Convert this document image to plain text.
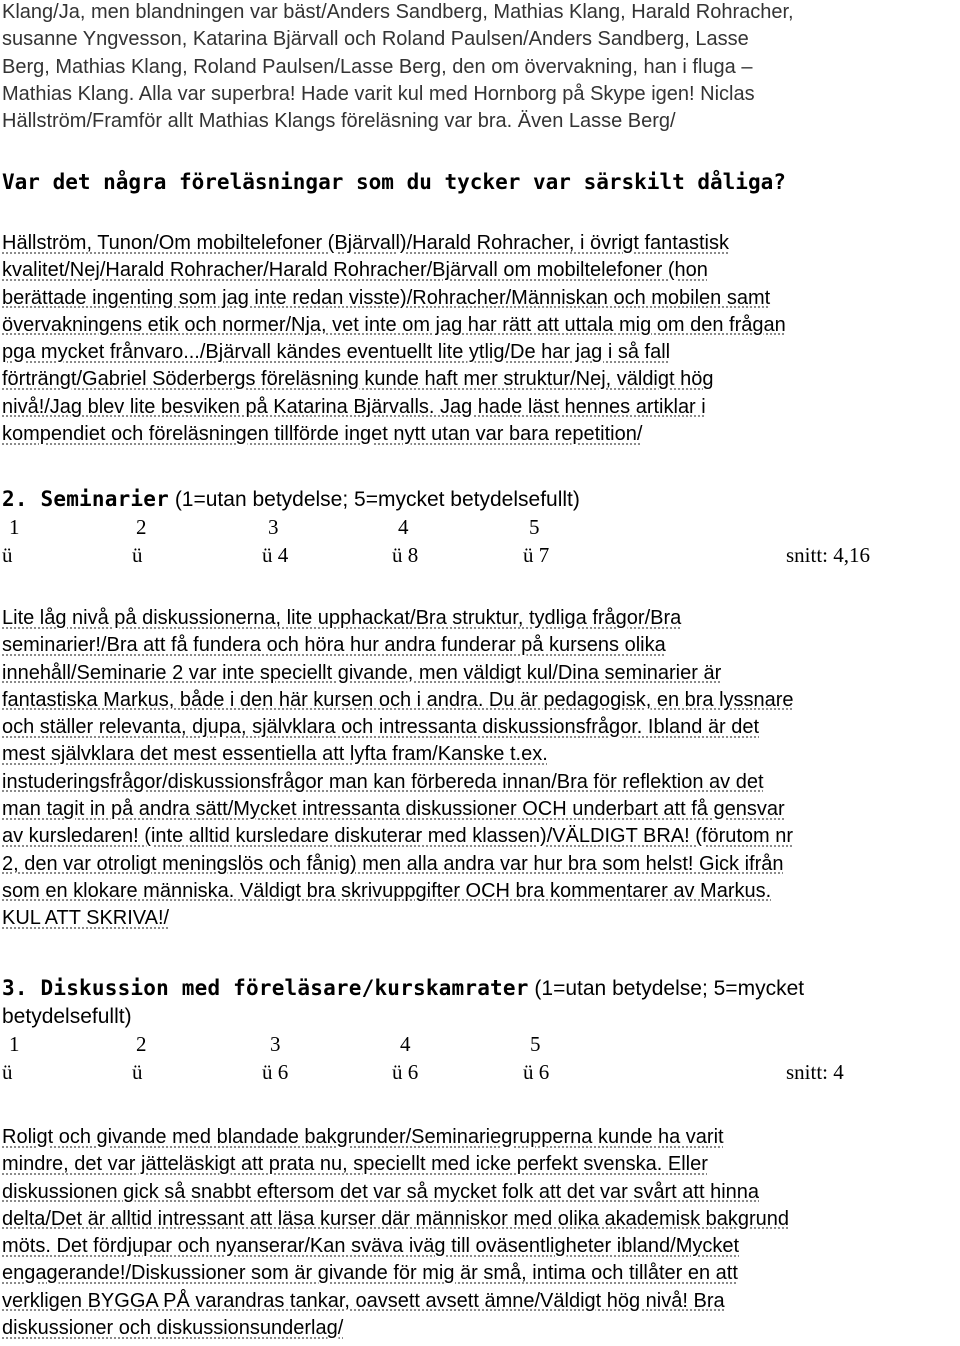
Klang/Ja, men blandningen var bäst/Anders Sandberg, Mathias Klang, Harald Rohracher,
susanne Yngvesson, Katarina Bjärvall och Roland Paulsen/Anders Sandberg, Lasse
Berg, Mathias Klang, Roland Paulsen/Lasse Berg, den om övervakning, han i fluga –
Mathias Klang. Alla var superbra! Hade varit kul med Hornborg på Skype igen! Niclas
Hällström/Framför allt Mathias Klangs föreläsning var bra. Även Lasse Berg/
Var det några föreläsningar som du tycker var särskilt dåliga?
Hällström, Tunon/Om mobiltelefoner (Bjärvall)/Harald Rohracher, i övrigt fantastisk
kvalitet/Nej/Harald Rohracher/Harald Rohracher/Bjärvall om mobiltelefoner (hon
berättade ingenting som jag inte redan visste)/Rohracher/Människan och mobilen samt
övervakningens etik och normer/Nja, vet inte om jag har rätt att uttala mig om den frågan
pga mycket frånvaro.../Bjärvall kändes eventuellt lite ytlig/De har jag i så fall
förträngt/Gabriel Söderbergs föreläsning kunde haft mer struktur/Nej, väldigt hög
nivå!/Jag blev lite besviken på Katarina Bjärvalls. Jag hade läst hennes artiklar i
kompendiet och föreläsningen tillförde inget nytt utan var bara repetition/
2. Seminarier (1=utan betydelse; 5=mycket betydelsefullt)
1	2	3	4	5
ü	ü	ü 4	ü 8	ü 7	snitt: 4,16
Lite låg nivå på diskussionerna, lite upphackat/Bra struktur, tydliga frågor/Bra
seminarier!/Bra att få fundera och höra hur andra funderar på kursens olika
innehåll/Seminarie 2 var inte speciellt givande, men väldigt kul/Dina seminarier är
fantastiska Markus, både i den här kursen och i andra. Du är pedagogisk, en bra lyssnare
och ställer relevanta, djupa, självklara och intressanta diskussionsfrågor. Ibland är det
mest självklara det mest essentiella att lyfta fram/Kanske t.ex.
instuderingsfrågor/diskussionsfrågor man kan förbereda innan/Bra för reflektion av det
man tagit in på andra sätt/Mycket intressanta diskussioner OCH underbart att få gensvar
av kursledaren! (inte alltid kursledare diskuterar med klassen)/VÄLDIGT BRA! (förutom nr
2, den var otroligt meningslös och fånig) men alla andra var hur bra som helst! Gick ifrån
som en klokare människa. Väldigt bra skrivuppgifter OCH bra kommentarer av Markus.
KUL ATT SKRIVA!/
3. Diskussion med föreläsare/kurskamrater (1=utan betydelse; 5=mycket
betydelsefullt)
1	2	3	4	5
ü	ü	ü 6	ü 6	ü 6	snitt: 4
Roligt och givande med blandade bakgrunder/Seminariegrupperna kunde ha varit
mindre, det var jätteläskigt att prata nu, speciellt med icke perfekt svenska. Eller
diskussionen gick så snabbt eftersom det var så mycket folk att det var svårt att hinna
delta/Det är alltid intressant att läsa kurser där människor med olika akademisk bakgrund
möts. Det fördjupar och nyanserar/Kan sväva iväg till oväsentligheter ibland/Mycket
engagerande!/Diskussioner som är givande för mig är små, intima och tillåter en att
verkligen BYGGA PÅ varandras tankar, oavsett avsett ämne/Väldigt hög nivå! Bra
diskussioner och diskussionsunderlag/
